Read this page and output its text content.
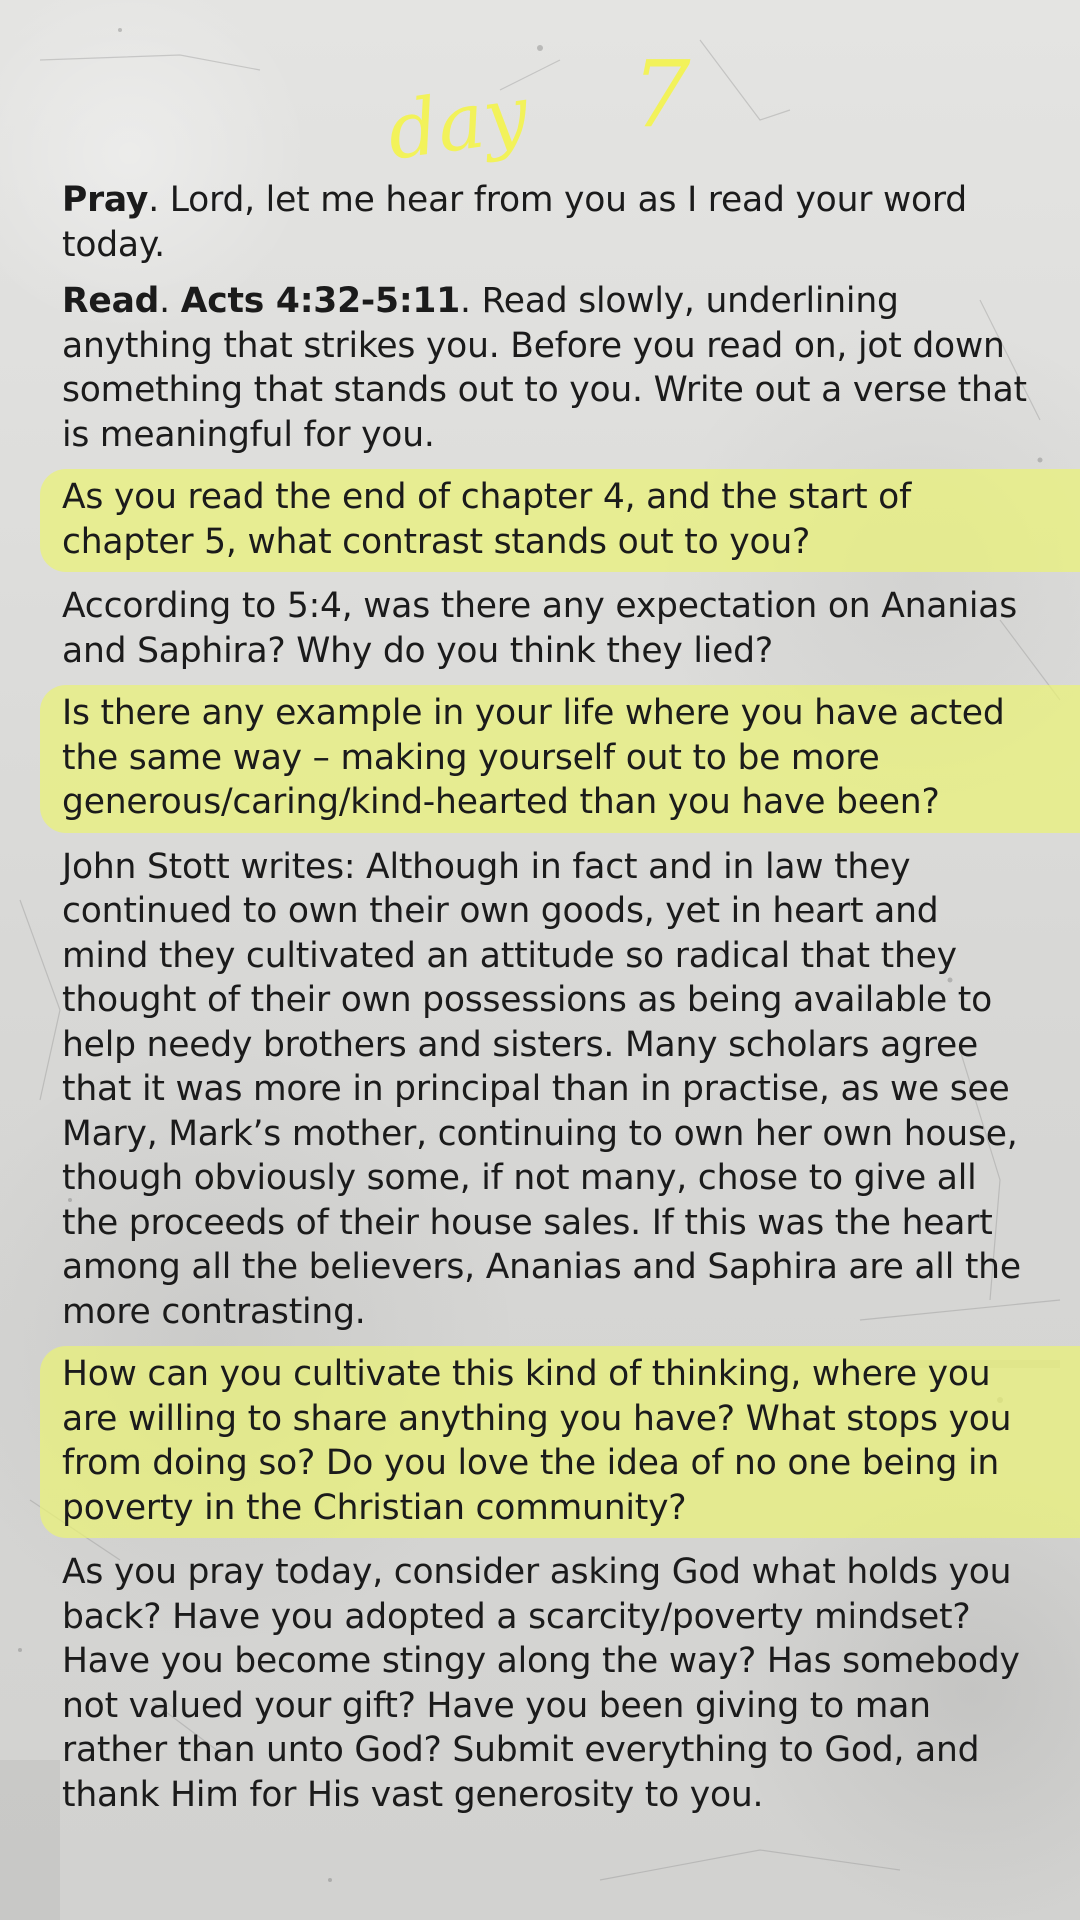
day 7

Pray. Lord, let me hear from you as I read your word today.

Read. Acts 4:32-5:11. Read slowly, underlining anything that strikes you. Before you read on, jot down something that stands out to you. Write out a verse that is meaningful for you.

As you read the end of chapter 4, and the start of chapter 5, what contrast stands out to you?

According to 5:4, was there any expectation on Ananias and Saphira? Why do you think they lied?

Is there any example in your life where you have acted the same way – making yourself out to be more generous/caring/kind-hearted than you have been?

John Stott writes: Although in fact and in law they continued to own their own goods, yet in heart and mind they cultivated an attitude so radical that they thought of their own possessions as being available to help needy brothers and sisters. Many scholars agree that it was more in principal than in practise, as we see Mary, Mark’s mother, continuing to own her own house, though obviously some, if not many, chose to give all the proceeds of their house sales. If this was the heart among all the believers, Ananias and Saphira are all the more contrasting.

How can you cultivate this kind of thinking, where you are willing to share anything you have? What stops you from doing so? Do you love the idea of no one being in poverty in the Christian community?

As you pray today, consider asking God what holds you back? Have you adopted a scarcity/poverty mindset? Have you become stingy along the way? Has somebody not valued your gift? Have you been giving to man rather than unto God? Submit everything to God, and thank Him for His vast generosity to you.
